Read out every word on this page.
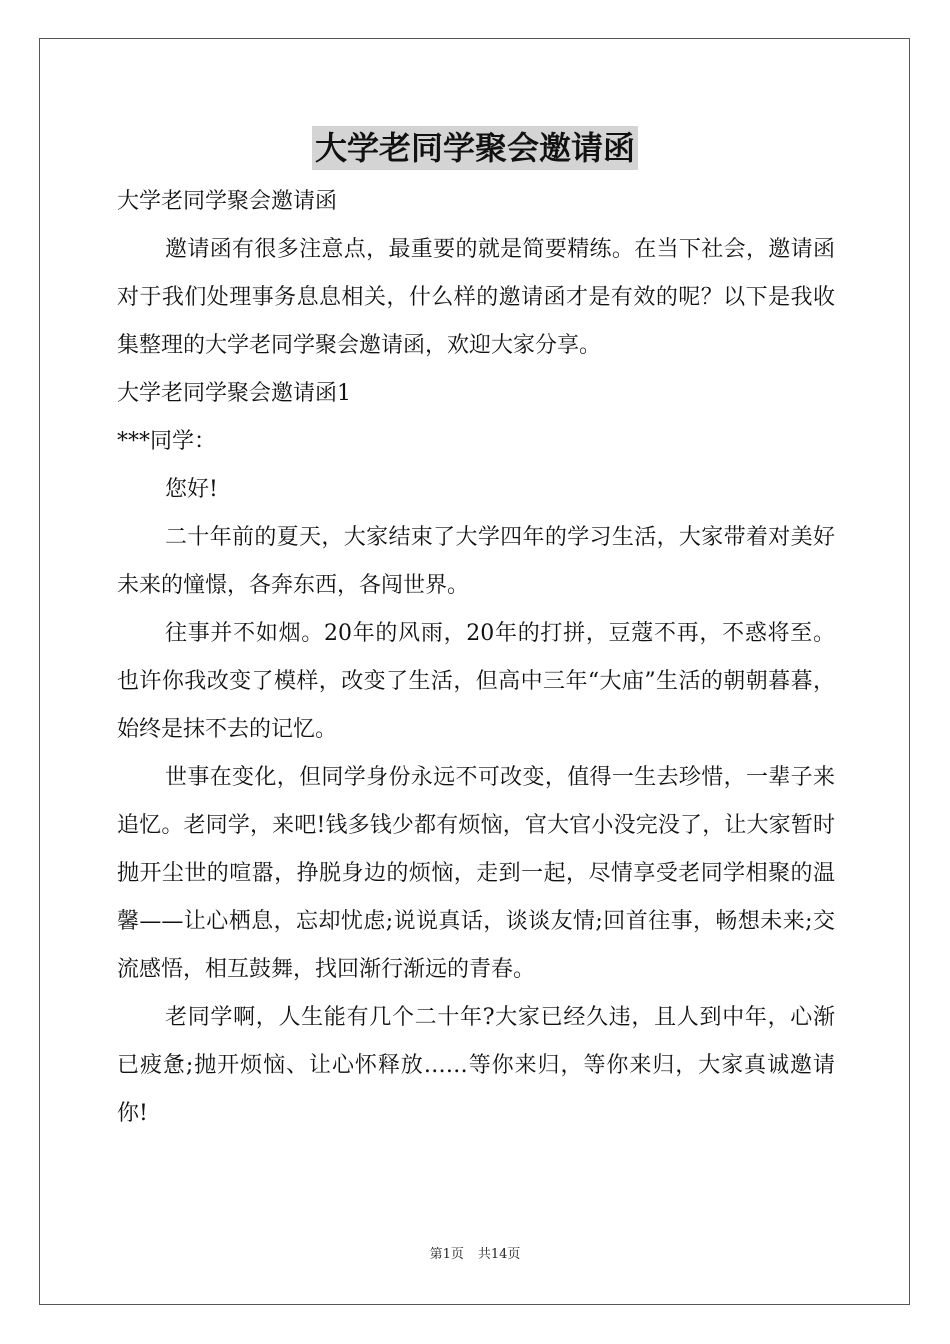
大学老同学聚会邀请函

大学老同学聚会邀请函

邀请函有很多注意点，最重要的就是简要精练。在当下社会，邀请函对于我们处理事务息息相关，什么样的邀请函才是有效的呢？以下是我收集整理的大学老同学聚会邀请函，欢迎大家分享。

大学老同学聚会邀请函1

***同学：

您好!

二十年前的夏天，大家结束了大学四年的学习生活，大家带着对美好未来的憧憬，各奔东西，各闯世界。

往事并不如烟。20年的风雨，20年的打拼，豆蔻不再，不惑将至。也许你我改变了模样，改变了生活，但高中三年“大庙”生活的朝朝暮暮，始终是抹不去的记忆。

世事在变化，但同学身份永远不可改变，值得一生去珍惜，一辈子来追忆。老同学，来吧!钱多钱少都有烦恼，官大官小没完没了，让大家暂时抛开尘世的喧嚣，挣脱身边的烦恼，走到一起，尽情享受老同学相聚的温馨——让心栖息，忘却忧虑;说说真话，谈谈友情;回首往事，畅想未来;交流感悟，相互鼓舞，找回渐行渐远的青春。

老同学啊，人生能有几个二十年?大家已经久违，且人到中年，心渐已疲惫;抛开烦恼、让心怀释放……等你来归，等你来归，大家真诚邀请你!

第1页 共14页
